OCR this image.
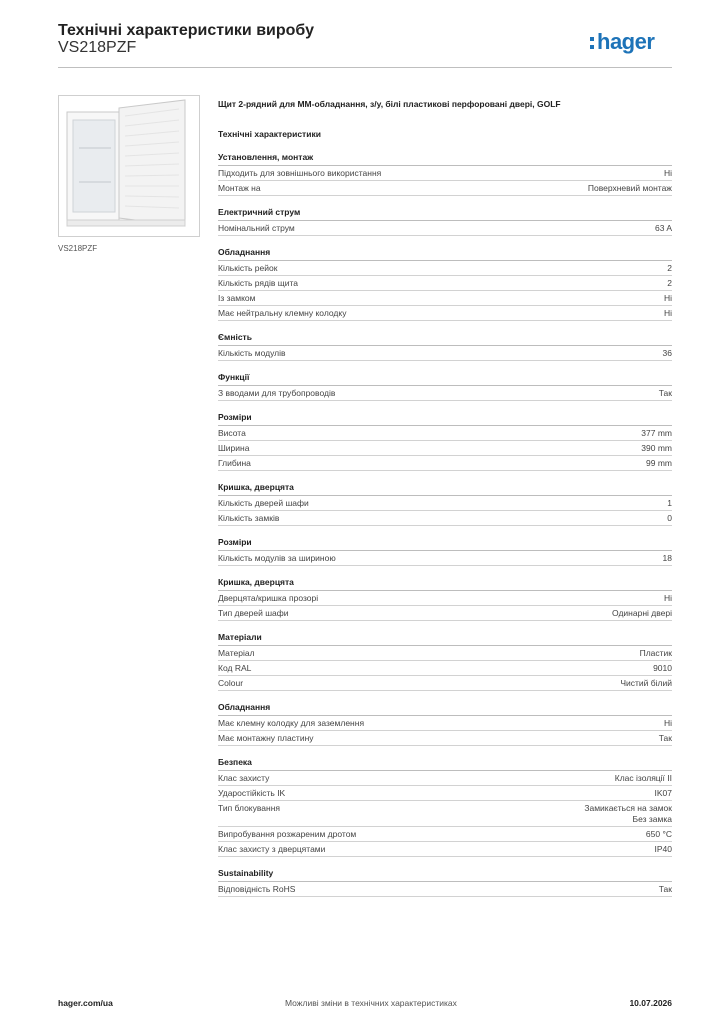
Технічні характеристики виробу
VS218PZF	hager
VS218PZF
Щит 2-рядний для ММ-обладнання, з/у, білі пластикові перфоровані двері, GOLF
Технічні характеристики
Установлення, монтаж
Підходить для зовнішнього використання	Ні
Монтаж на	Поверхневий монтаж
Електричний струм
Номінальний струм	63 A
Обладнання
Кількість рейок	2
Кількість рядів щита	2
Із замком	Ні
Має нейтральну клемну колодку	Ні
Ємність
Кількість модулів	36
Функції
З вводами для трубопроводів	Так
Розміри
Висота	377 mm
Ширина	390 mm
Глибина	99 mm
Кришка, дверцята
Кількість дверей шафи	1
Кількість замків	0
Розміри
Кількість модулів за шириною	18
Кришка, дверцята
Дверцята/кришка прозорі	Ні
Тип дверей шафи	Одинарні двері
Матеріали
Матеріал	Пластик
Код RAL	9010
Colour	Чистий білий
Обладнання
Має клемну колодку для заземлення	Ні
Має монтажну пластину	Так
Безпека
Клас захисту	Клас ізоляції II
Ударостійкість IK	IK07
Тип блокування	Замикається на замок
Без замка
Випробування розжареним дротом	650 °C
Клас захисту з дверцятами	IP40
Sustainability
Відповідність RoHS	Так
hager.com/ua	Можливі зміни в технічних характеристиках	10.07.2026
